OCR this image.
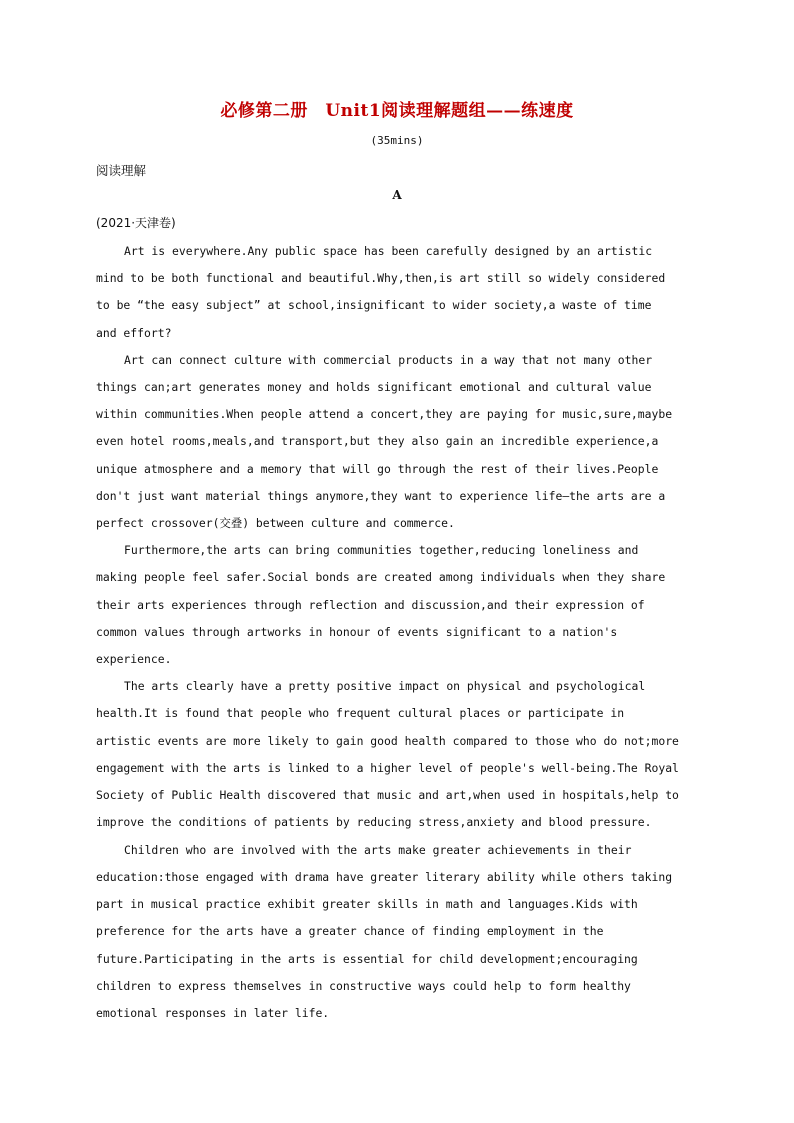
必修第二册　Unit1阅读理解题组——练速度
(35mins)
阅读理解
A
(2021·天津卷)
Art is everywhere.Any public space has been carefully designed by an artistic
mind to be both functional and beautiful.Why,then,is art still so widely considered
to be “the easy subject” at school,insignificant to wider society,a waste of time
and effort?
Art can connect culture with commercial products in a way that not many other
things can;art generates money and holds significant emotional and cultural value
within communities.When people attend a concert,they are paying for music,sure,maybe
even hotel rooms,meals,and transport,but they also gain an incredible experience,a
unique atmosphere and a memory that will go through the rest of their lives.People
don't just want material things anymore,they want to experience life—the arts are a
perfect crossover(交叠) between culture and commerce.
Furthermore,the arts can bring communities together,reducing loneliness and
making people feel safer.Social bonds are created among individuals when they share
their arts experiences through reflection and discussion,and their expression of
common values through artworks in honour of events significant to a nation's
experience.
The arts clearly have a pretty positive impact on physical and psychological
health.It is found that people who frequent cultural places or participate in
artistic events are more likely to gain good health compared to those who do not;more
engagement with the arts is linked to a higher level of people's well-being.The Royal
Society of Public Health discovered that music and art,when used in hospitals,help to
improve the conditions of patients by reducing stress,anxiety and blood pressure.
Children who are involved with the arts make greater achievements in their
education:those engaged with drama have greater literary ability while others taking
part in musical practice exhibit greater skills in math and languages.Kids with
preference for the arts have a greater chance of finding employment in the
future.Participating in the arts is essential for child development;encouraging
children to express themselves in constructive ways could help to form healthy
emotional responses in later life.
